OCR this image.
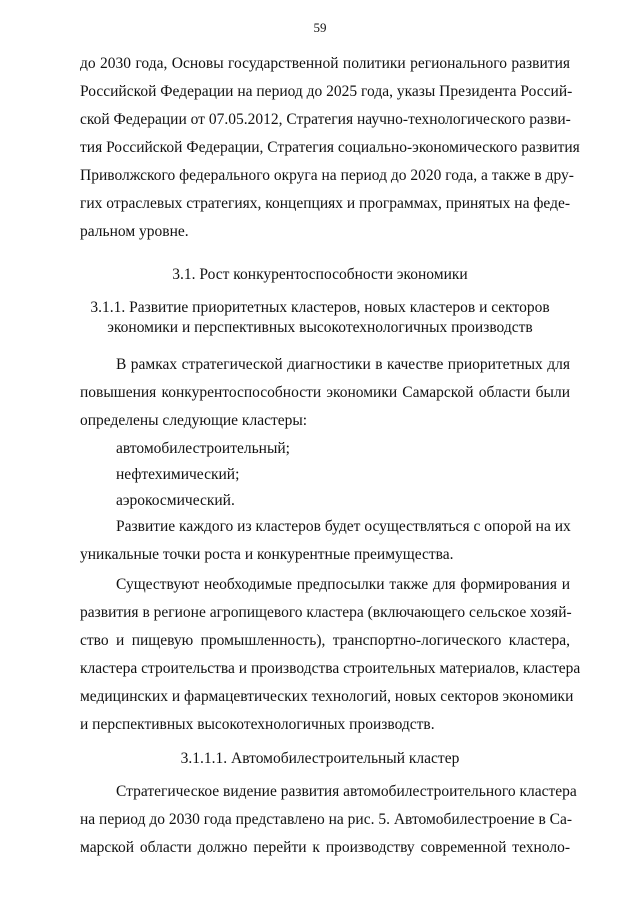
59
до 2030 года, Основы государственной политики регионального развития
Российской Федерации на период до 2025 года, указы Президента Россий-
ской Федерации от 07.05.2012, Стратегия научно-технологического разви-
тия Российской Федерации, Стратегия социально-экономического развития
Приволжского федерального округа на период до 2020 года, а также в дру-
гих отраслевых стратегиях, концепциях и программах, принятых на феде-
ральном уровне.
3.1. Рост конкурентоспособности экономики
3.1.1. Развитие приоритетных кластеров, новых кластеров и секторов
экономики и перспективных высокотехнологичных производств
В рамках стратегической диагностики в качестве приоритетных для
повышения конкурентоспособности экономики Самарской области были
определены следующие кластеры:
автомобилестроительный;
нефтехимический;
аэрокосмический.
Развитие каждого из кластеров будет осуществляться с опорой на их
уникальные точки роста и конкурентные преимущества.
Существуют необходимые предпосылки также для формирования и
развития в регионе агропищевого кластера (включающего сельское хозяй-
ство и пищевую промышленность), транспортно-логического кластера,
кластера строительства и производства строительных материалов, кластера
медицинских и фармацевтических технологий, новых секторов экономики
и перспективных высокотехнологичных производств.
3.1.1.1. Автомобилестроительный кластер
Стратегическое видение развития автомобилестроительного кластера
на период до 2030 года представлено на рис. 5. Автомобилестроение в Са-
марской области должно перейти к производству современной техноло-
